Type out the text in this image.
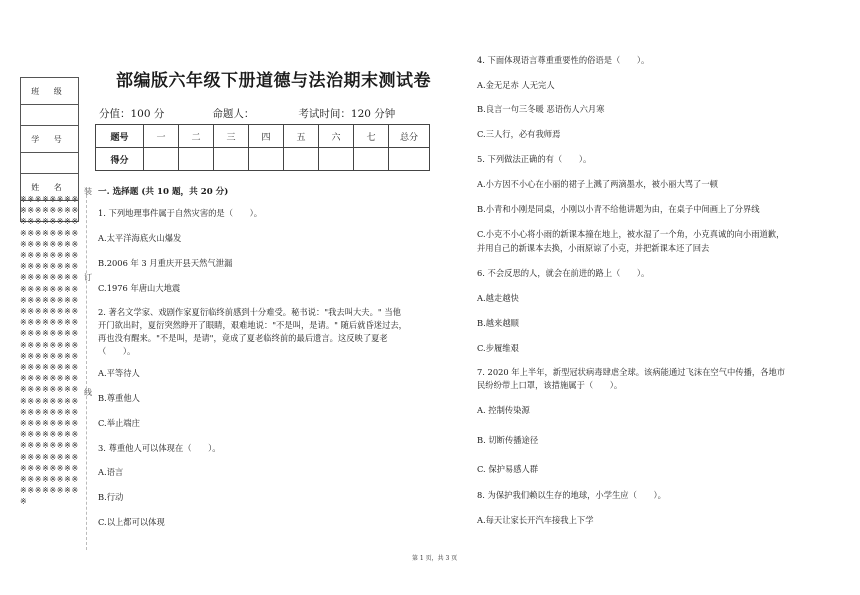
班 级
学 号
姓 名
※※※※※※※※※※※※※※※※※※※※※※※※※※※※※※※※※※※※※※※※※※※※※※※※※※※※※※※※※※※※※※※※※※※※※※※※※※※※※※※※※※※※※※※※※※※※※※※※※※※※※※※※※※※※※※※※※※※※※※※※※※※※※※※※※※※※※※※※※※※※※※※※※※※※※※※※※※※※※※※※※※※※※※※※※※※※※※※※※※※※※※※※※※※※※※※※※※※※※※※※※※※※※※※※※※※※※※※※※
装
订
线
部编版六年级下册道德与法治期末测试卷
分值：100 分	命题人：	考试时间：120 分钟
题号	一	二	三	四	五	六	七	总分
得分								
一. 选择题 (共 10 题，共 20 分)
1. 下列地理事件属于自然灾害的是（　　）。
A.太平洋海底火山爆发
B.2006 年 3 月重庆开县天然气泄漏
C.1976 年唐山大地震
2. 著名文学家、戏剧作家夏衍临终前感到十分难受。秘书说："我去叫大夫。" 当他
开门欲出时，夏衍突然睁开了眼睛，艰难地说："不是叫，是请。" 随后就昏迷过去，
再也没有醒来。"不是叫，是请"，竟成了夏老临终前的最后遗言。这反映了夏老
（　　）。
A.平等待人
B.尊重他人
C.举止端庄
3. 尊重他人可以体现在（　　）。
A.语言
B.行动
C.以上都可以体现
4. 下面体现语言尊重重要性的俗语是（　　）。
A.金无足赤 人无完人
B.良言一句三冬暖 恶语伤人六月寒
C.三人行，必有我师焉
5. 下列做法正确的有（　　）。
A.小方因不小心在小丽的裙子上溅了两滴墨水，被小丽大骂了一顿
B.小青和小刚是同桌，小刚以小青不给他讲题为由，在桌子中间画上了分界线
C.小克不小心将小雨的新课本撞在地上，被水湿了一个角，小克真诚的向小雨道歉，
并用自己的新课本去换，小雨原谅了小克，并把新课本还了回去
6. 不会反思的人，就会在前进的路上（　　）。
A.越走越快
B.越来越顺
C.步履维艰
7. 2020 年上半年，新型冠状病毒肆虐全球。该病能通过飞沫在空气中传播，各地市
民纷纷带上口罩，该措施属于（　　）。
A. 控制传染源
B. 切断传播途径
C. 保护易感人群
8. 为保护我们赖以生存的地球，小学生应（　　）。
A.每天让家长开汽车接我上下学
第 1 页，共 3 页
